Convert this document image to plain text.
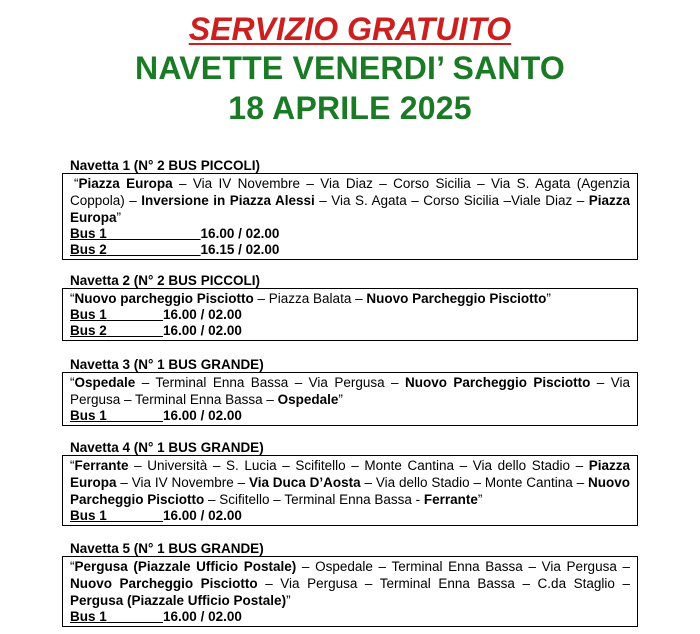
SERVIZIO GRATUITO
NAVETTE VENERDI’ SANTO
18 APRILE 2025
Navetta 1 (N° 2 BUS PICCOLI)
“Piazza Europa – Via IV Novembre – Via Diaz – Corso Sicilia – Via S. Agata (Agenzia Coppola) – Inversione in Piazza Alessi – Via S. Agata – Corso Sicilia –Viale Diaz – Piazza Europa”
Bus 1	16.00 / 02.00
Bus 2	16.15 / 02.00
Navetta 2 (N° 2 BUS PICCOLI)
“Nuovo parcheggio Pisciotto – Piazza Balata – Nuovo Parcheggio Pisciotto”
Bus 1	16.00 / 02.00
Bus 2	16.00 / 02.00
Navetta 3 (N° 1 BUS GRANDE)
“Ospedale – Terminal Enna Bassa – Via Pergusa – Nuovo Parcheggio Pisciotto – Via Pergusa – Terminal Enna Bassa – Ospedale”
Bus 1	16.00 / 02.00
Navetta 4 (N° 1 BUS GRANDE)
“Ferrante – Università – S. Lucia – Scifitello – Monte Cantina – Via dello Stadio – Piazza Europa – Via IV Novembre – Via Duca D’Aosta – Via dello Stadio – Monte Cantina – Nuovo Parcheggio Pisciotto – Scifitello – Terminal Enna Bassa - Ferrante”
Bus 1	16.00 / 02.00
Navetta 5 (N° 1 BUS GRANDE)
“Pergusa (Piazzale Ufficio Postale) – Ospedale – Terminal Enna Bassa – Via Pergusa – Nuovo Parcheggio Pisciotto – Via Pergusa – Terminal Enna Bassa – C.da Staglio – Pergusa (Piazzale Ufficio Postale)”
Bus 1	16.00 / 02.00
